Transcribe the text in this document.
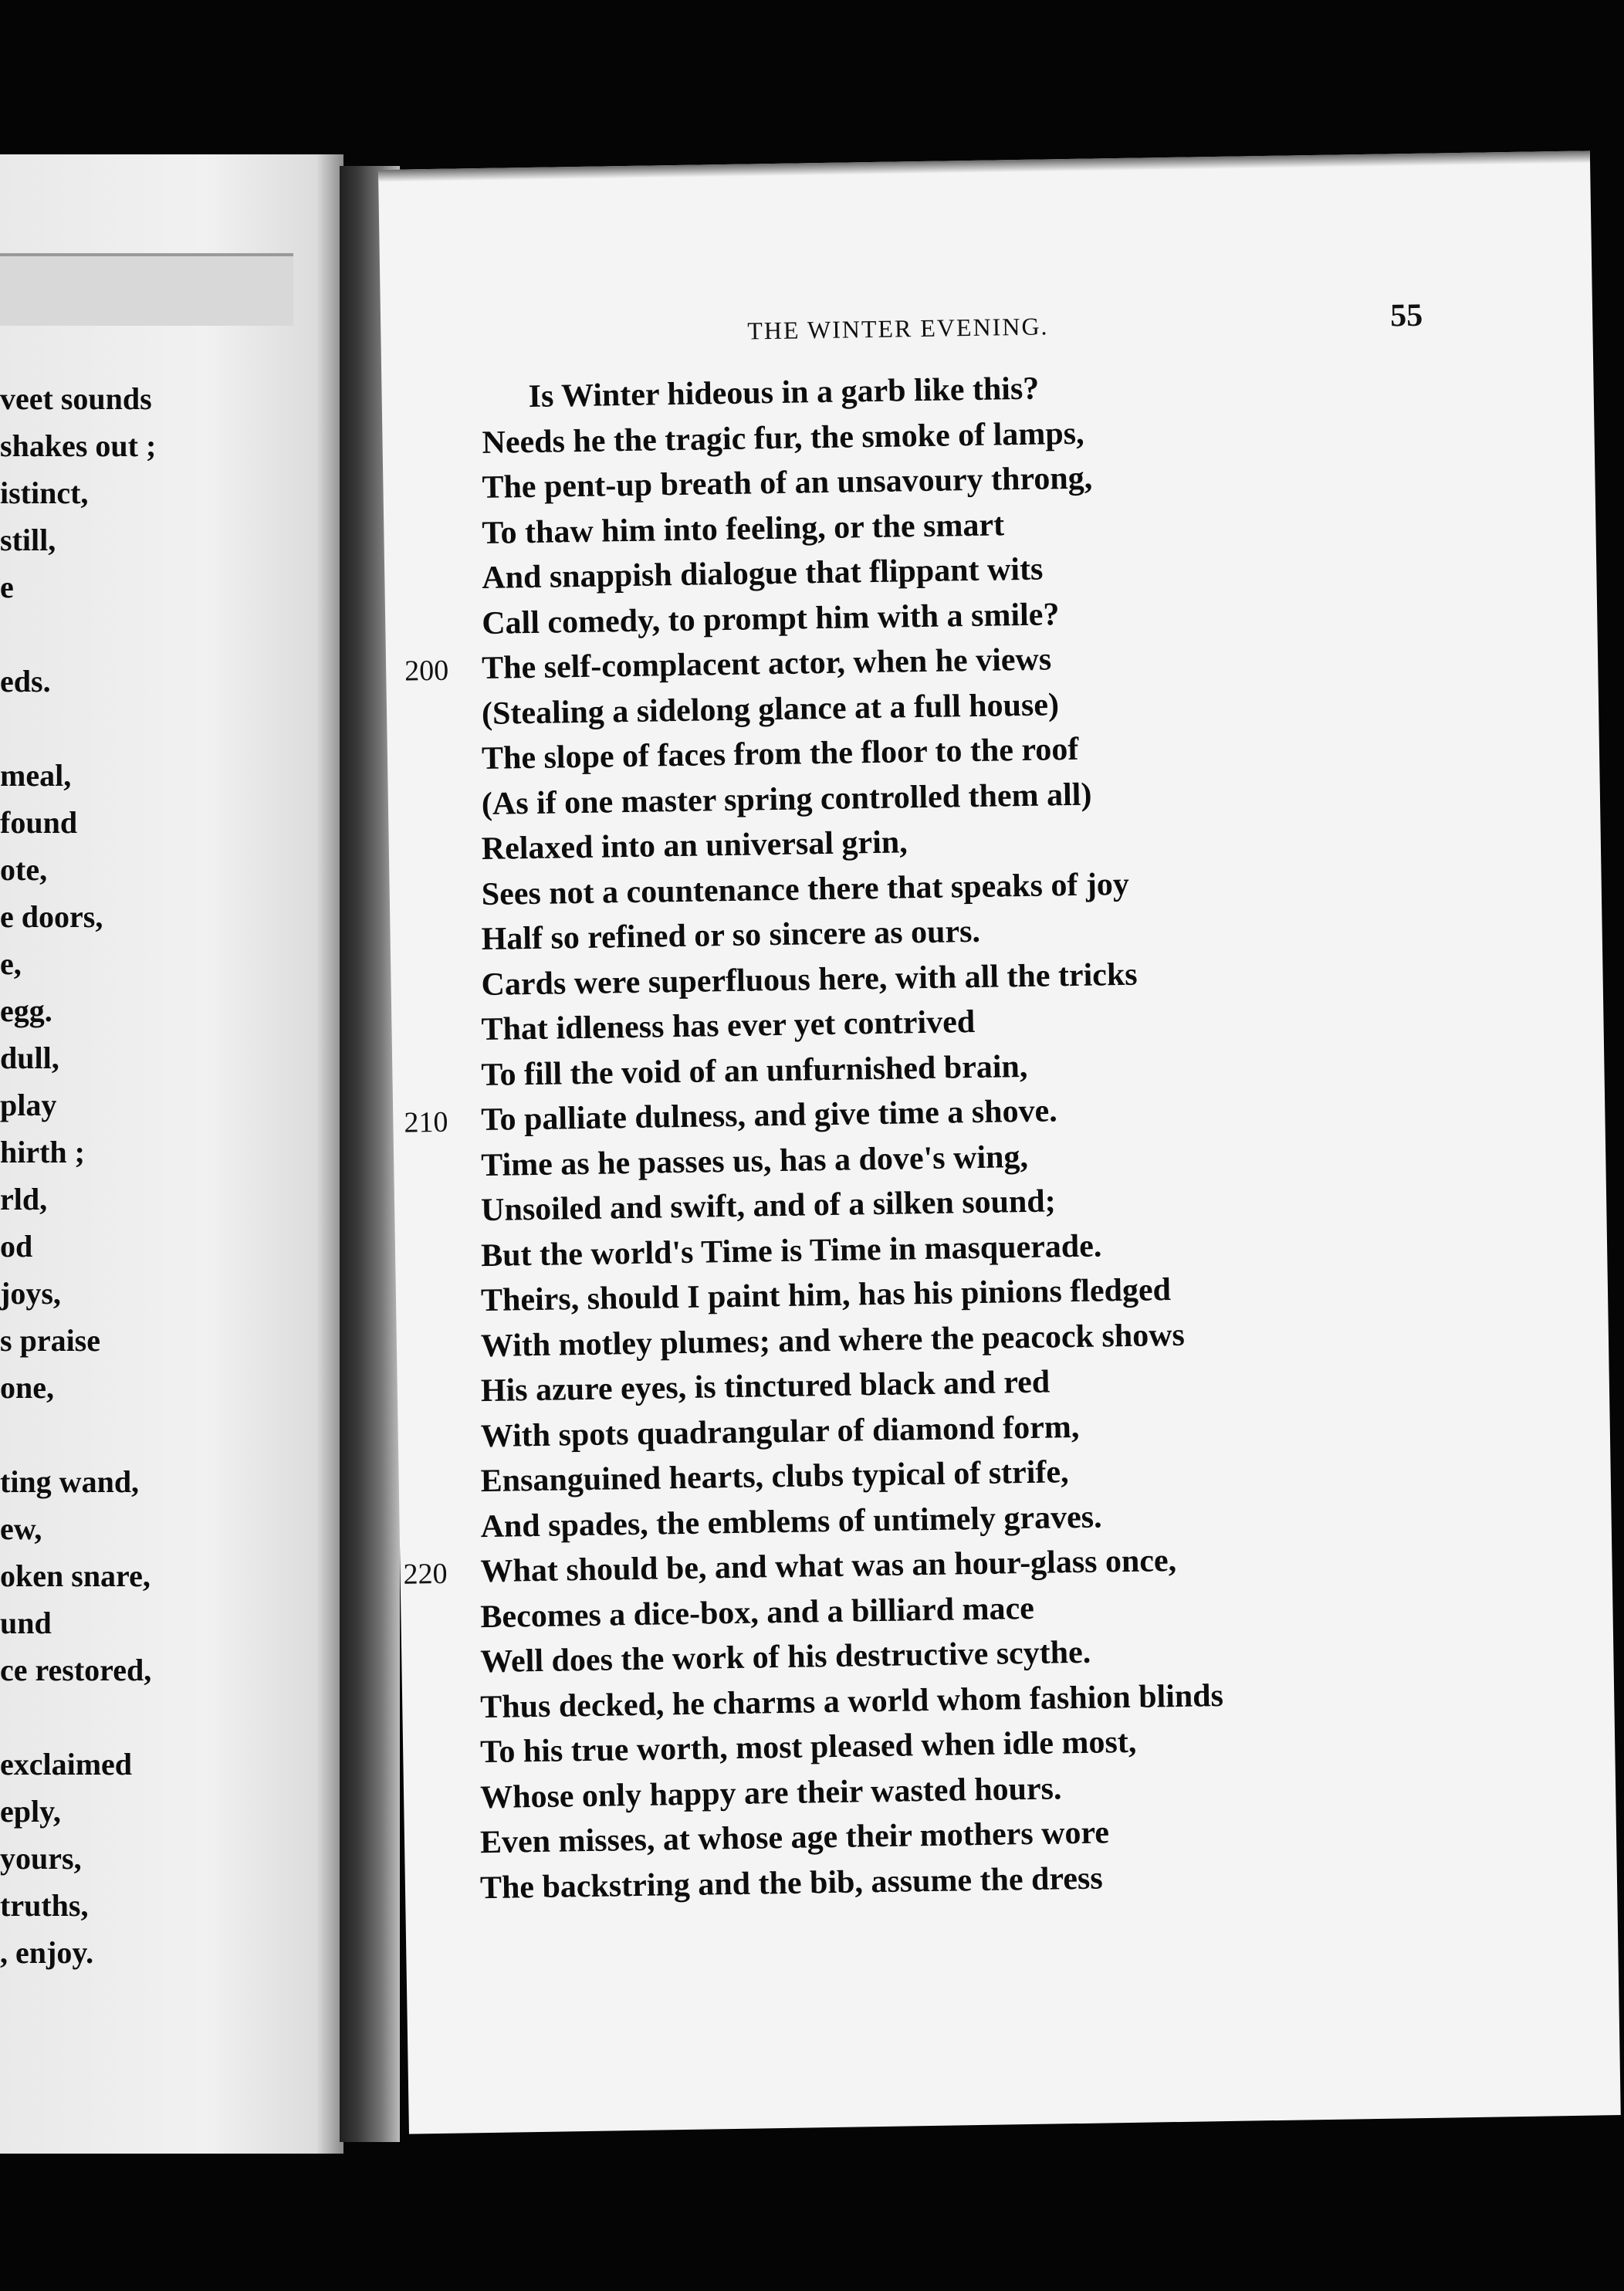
veet sounds
shakes out ;
istinct,
still,
e
eds.
meal,
found
ote,
e doors,
e,
egg.
dull,
play
hirth ;
rld,
od
joys,
s praise
one,
ting wand,
ew,
oken snare,
und
ce restored,
exclaimed
eply,
yours,
truths,
, enjoy.
THE WINTER EVENING.	55
Is Winter hideous in a garb like this?
Needs he the tragic fur, the smoke of lamps,
The pent-up breath of an unsavoury throng,
To thaw him into feeling, or the smart
And snappish dialogue that flippant wits
Call comedy, to prompt him with a smile?
The self-complacent actor, when he views
200
(Stealing a sidelong glance at a full house)
The slope of faces from the floor to the roof
(As if one master spring controlled them all)
Relaxed into an universal grin,
Sees not a countenance there that speaks of joy
Half so refined or so sincere as ours.
Cards were superfluous here, with all the tricks
That idleness has ever yet contrived
To fill the void of an unfurnished brain,
To palliate dulness, and give time a shove.
210
Time as he passes us, has a dove's wing,
Unsoiled and swift, and of a silken sound;
But the world's Time is Time in masquerade.
Theirs, should I paint him, has his pinions fledged
With motley plumes; and where the peacock shows
His azure eyes, is tinctured black and red
With spots quadrangular of diamond form,
Ensanguined hearts, clubs typical of strife,
And spades, the emblems of untimely graves.
What should be, and what was an hour-glass once,
220
Becomes a dice-box, and a billiard mace
Well does the work of his destructive scythe.
Thus decked, he charms a world whom fashion blinds
To his true worth, most pleased when idle most,
Whose only happy are their wasted hours.
Even misses, at whose age their mothers wore
The backstring and the bib, assume the dress
